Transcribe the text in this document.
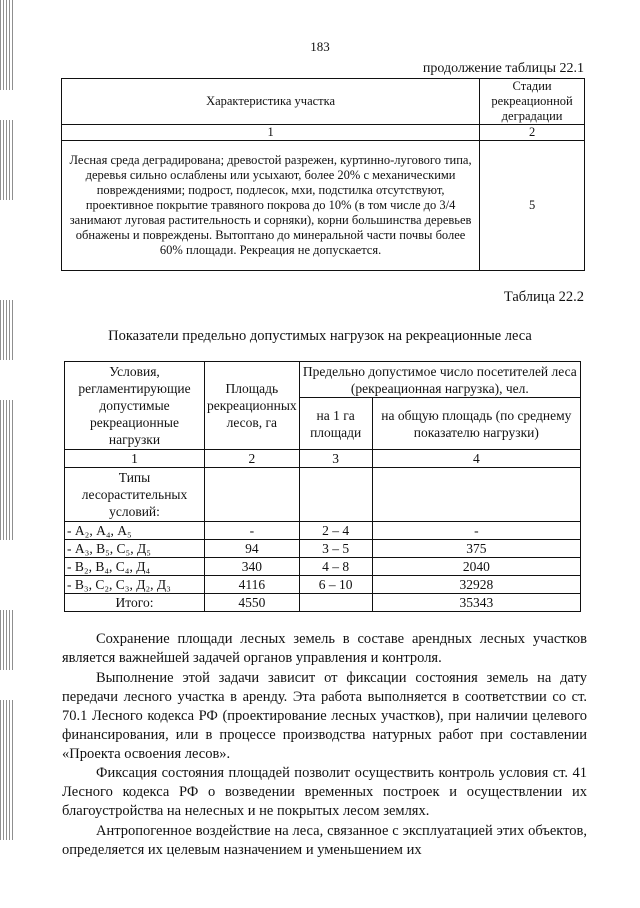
183
продолжение таблицы 22.1
Характеристика участка	Стадии рекреационной деградации
1	2
Лесная среда деградирована; древостой разрежен, куртинно-лугового типа, деревья сильно ослаблены или усыхают, более 20% с механическими повреждениями; подрост, подлесок, мхи, подстилка отсутствуют, проективное покрытие травяного покрова до 10% (в том числе до 3/4 занимают луговая растительность и сорняки), корни большинства деревьев обнажены и повреждены. Вытоптано до минеральной части почвы более 60% площади. Рекреация не допускается.	5
Таблица 22.2
Показатели предельно допустимых нагрузок на рекреационные леса
Условия, регламентирующие допустимые рекреационные нагрузки	Площадь рекреационных лесов, га	Предельно допустимое число посетителей леса (рекреационная нагрузка), чел.	
		на 1 га площади	на общую площадь (по среднему показателю нагрузки)
1	2	3	4
Типы лесорастительных условий:			
- А₂, А₄, А₅	-	2 – 4	-
- А₃, В₅, С₅, Д₅	94	3 – 5	375
- В₂, В₄, С₄, Д₄	340	4 – 8	2040
- В₃, С₂, С₃, Д₂, Д₃	4116	6 – 10	32928
Итого:	4550		35343

Сохранение площади лесных земель в составе арендных лесных участков является важнейшей задачей органов управления и контроля.

Выполнение этой задачи зависит от фиксации состояния земель на дату передачи лесного участка в аренду. Эта работа выполняется в соответствии со ст. 70.1 Лесного кодекса РФ (проектирование лесных участков), при наличии целевого финансирования, или в процессе производства натурных работ при составлении «Проекта освоения лесов».

Фиксация состояния площадей позволит осуществить контроль условия ст. 41 Лесного кодекса РФ о возведении временных построек и осуществлении их благоустройства на нелесных и не покрытых лесом землях.

Антропогенное воздействие на леса, связанное с эксплуатацией этих объектов, определяется их целевым назначением и уменьшением их
